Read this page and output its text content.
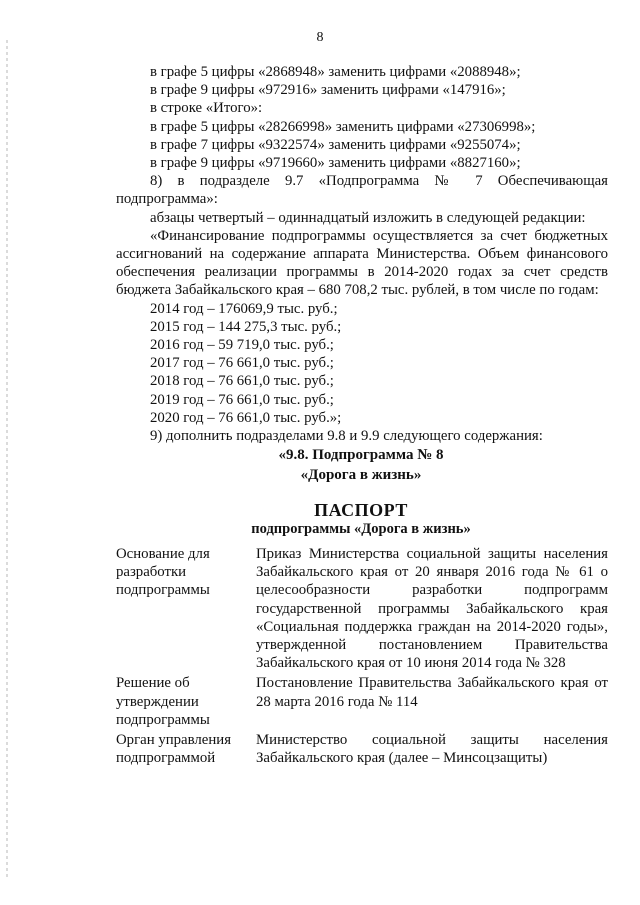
8

в графе 5 цифры «2868948» заменить цифрами «2088948»;

в графе 9 цифры «972916» заменить цифрами «147916»;

в строке «Итого»:

в графе 5 цифры «28266998» заменить цифрами «27306998»;

в графе 7 цифры «9322574» заменить цифрами «9255074»;

в графе 9 цифры «9719660» заменить цифрами «8827160»;

8) в подразделе 9.7 «Подпрограмма № 7 Обеспечивающая подпрограмма»:

абзацы четвертый – одиннадцатый изложить в следующей редакции:

«Финансирование подпрограммы осуществляется за счет бюджетных ассигнований на содержание аппарата Министерства. Объем финансового обеспечения реализации программы в 2014-2020 годах за счет средств бюджета Забайкальского края – 680 708,2 тыс. рублей, в том числе по годам:

2014 год – 176069,9 тыс. руб.;
2015 год – 144 275,3 тыс. руб.;
2016 год – 59 719,0 тыс. руб.;
2017 год – 76 661,0 тыс. руб.;
2018 год – 76 661,0 тыс. руб.;
2019 год – 76 661,0 тыс. руб.;
2020 год – 76 661,0 тыс. руб.»;

9) дополнить подразделами 9.8 и 9.9 следующего содержания:

«9.8. Подпрограмма № 8
«Дорога в жизнь»
ПАСПОРТ
подпрограммы «Дорога в жизнь»
Основание для разработки подпрограммы
Приказ Министерства социальной защиты населения Забайкальского края от 20 января 2016 года № 61 о целесообразности разработки подпрограмм государственной программы Забайкальского края «Социальная поддержка граждан на 2014-2020 годы», утвержденной постановлением Правительства Забайкальского края от 10 июня 2014 года № 328
Решение об утверждении подпрограммы
Постановление Правительства Забайкальского края от 28 марта 2016 года № 114
Орган управления подпрограммой
Министерство социальной защиты населения Забайкальского края (далее – Минсоцзащиты)
